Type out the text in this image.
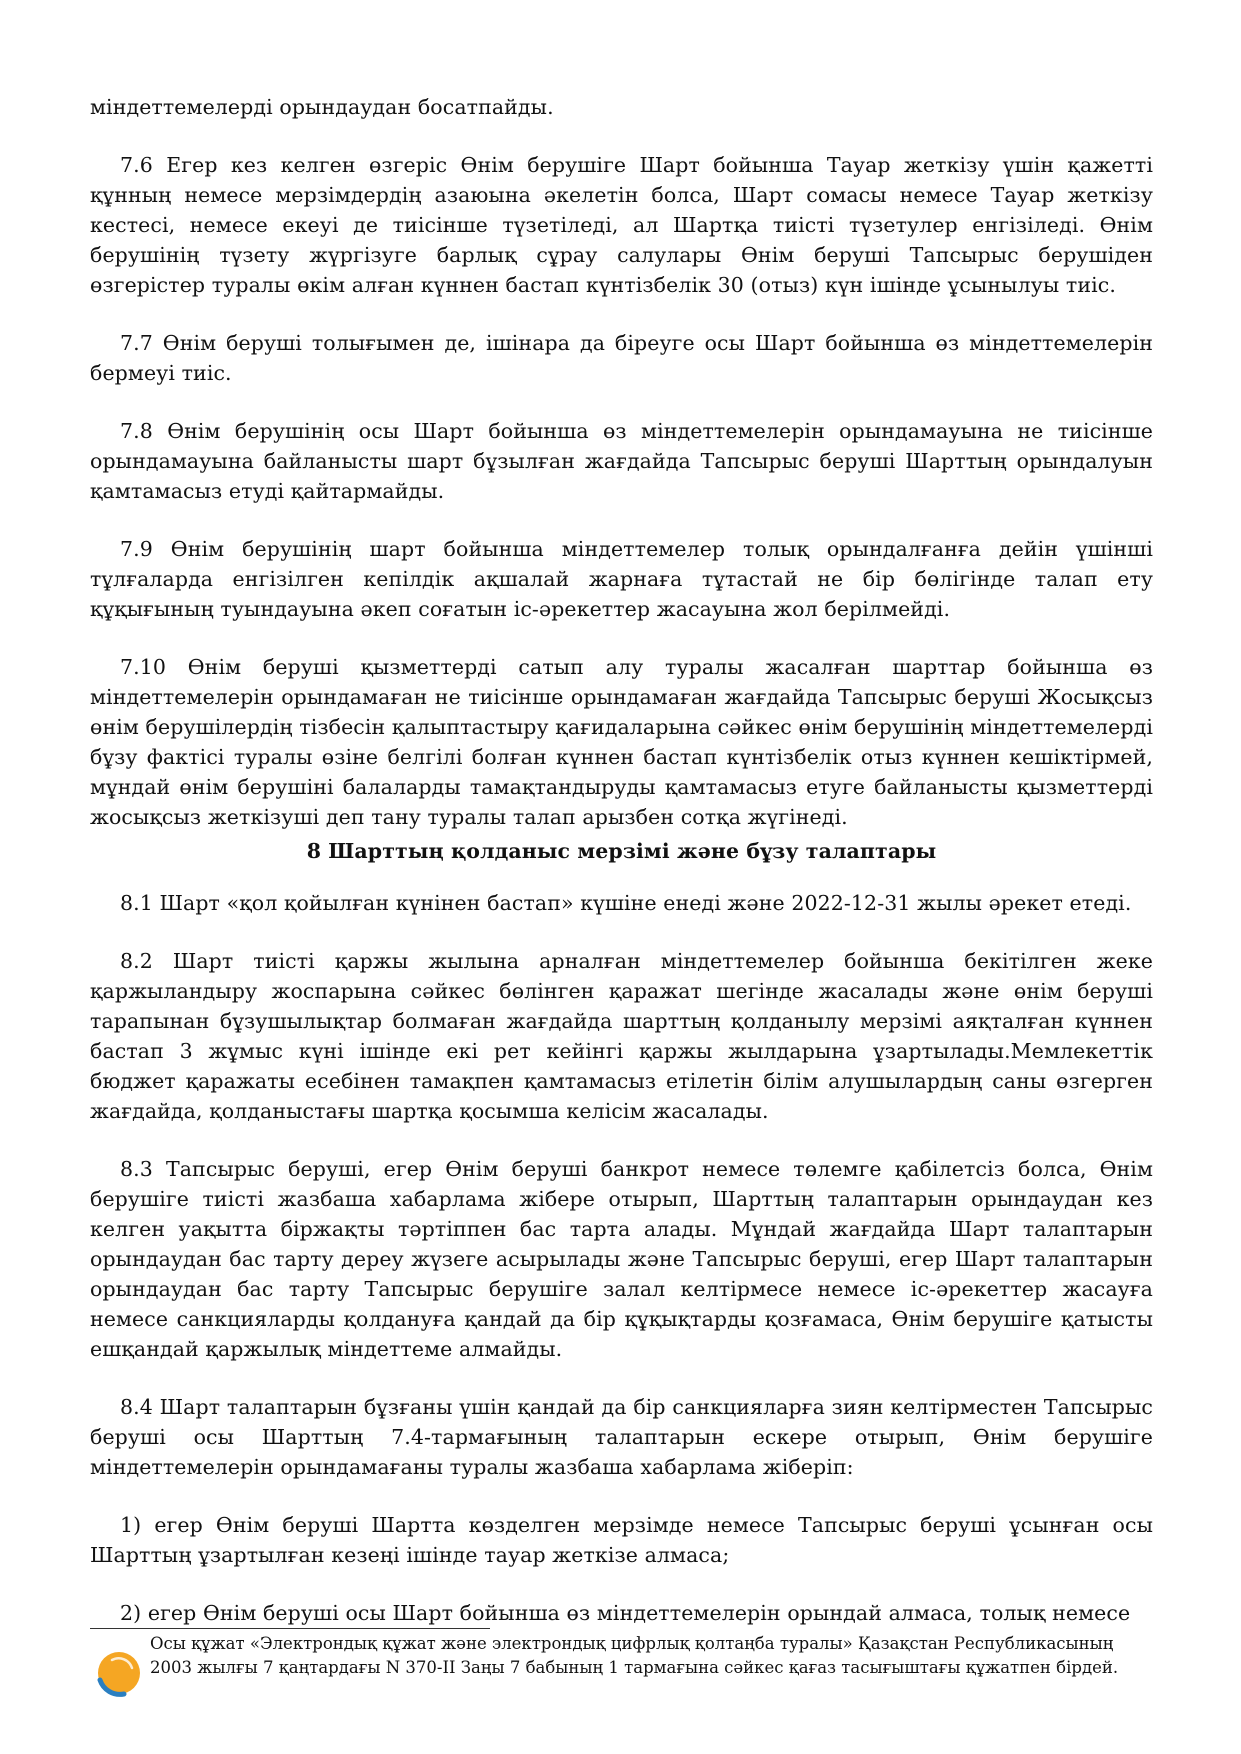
міндеттемелерді орындаудан босатпайды.

7.6 Егер кез келген өзгеріс Өнім берушіге Шарт бойынша Тауар жеткізу үшін қажетті құнның немесе мерзімдердің азаюына әкелетін болса, Шарт сомасы немесе Тауар жеткізу кестесі, немесе екеуі де тиісінше түзетіледі, ал Шартқа тиісті түзетулер енгізіледі. Өнім берушінің түзету жүргізуге барлық сұрау салулары Өнім беруші Тапсырыс берушіден өзгерістер туралы өкім алған күннен бастап күнтізбелік 30 (отыз) күн ішінде ұсынылуы тиіс.

7.7 Өнім беруші толығымен де, ішінара да біреуге осы Шарт бойынша өз міндеттемелерін бермеуі тиіс.

7.8 Өнім берушінің осы Шарт бойынша өз міндеттемелерін орындамауына не тиісінше орындамауына байланысты шарт бұзылған жағдайда Тапсырыс беруші Шарттың орындалуын қамтамасыз етуді қайтармайды.

7.9 Өнім берушінің шарт бойынша міндеттемелер толық орындалғанға дейін үшінші тұлғаларда енгізілген кепілдік ақшалай жарнаға тұтастай не бір бөлігінде талап ету құқығының туындауына әкеп соғатын іс-әрекеттер жасауына жол берілмейді.

7.10 Өнім беруші қызметтерді сатып алу туралы жасалған шарттар бойынша өз міндеттемелерін орындамаған не тиісінше орындамаған жағдайда Тапсырыс беруші Жосықсыз өнім берушілердің тізбесін қалыптастыру қағидаларына сәйкес өнім берушінің міндеттемелерді бұзу фактісі туралы өзіне белгілі болған күннен бастап күнтізбелік отыз күннен кешіктірмей, мұндай өнім берушіні балаларды тамақтандыруды қамтамасыз етуге байланысты қызметтерді жосықсыз жеткізуші деп тану туралы талап арызбен сотқа жүгінеді.

8 Шарттың қолданыс мерзімі және бұзу талаптары

8.1 Шарт «қол қойылған күнінен бастап» күшіне енеді және 2022-12-31 жылы әрекет етеді.

8.2 Шарт тиісті қаржы жылына арналған міндеттемелер бойынша бекітілген жеке қаржыландыру жоспарына сәйкес бөлінген қаражат шегінде жасалады және өнім беруші тарапынан бұзушылықтар болмаған жағдайда шарттың қолданылу мерзімі аяқталған күннен бастап 3 жұмыс күні ішінде екі рет кейінгі қаржы жылдарына ұзартылады.Мемлекеттік бюджет қаражаты есебінен тамақпен қамтамасыз етілетін білім алушылардың саны өзгерген жағдайда, қолданыстағы шартқа қосымша келісім жасалады.

8.3 Тапсырыс беруші, егер Өнім беруші банкрот немесе төлемге қабілетсіз болса, Өнім берушіге тиісті жазбаша хабарлама жібере отырып, Шарттың талаптарын орындаудан кез келген уақытта біржақты тәртіппен бас тарта алады. Мұндай жағдайда Шарт талаптарын орындаудан бас тарту дереу жүзеге асырылады және Тапсырыс беруші, егер Шарт талаптарын орындаудан бас тарту Тапсырыс берушіге залал келтірмесе немесе іс-әрекеттер жасауға немесе санкцияларды қолдануға қандай да бір құқықтарды қозғамаса, Өнім берушіге қатысты ешқандай қаржылық міндеттеме алмайды.

8.4 Шарт талаптарын бұзғаны үшін қандай да бір санкцияларға зиян келтірместен Тапсырыс беруші осы Шарттың 7.4-тармағының талаптарын ескере отырып, Өнім берушіге міндеттемелерін орындамағаны туралы жазбаша хабарлама жіберіп:

1) егер Өнім беруші Шартта көзделген мерзімде немесе Тапсырыс беруші ұсынған осы Шарттың ұзартылған кезеңі ішінде тауар жеткізе алмаса;

2) егер Өнім беруші осы Шарт бойынша өз міндеттемелерін орындай алмаса, толық немесе

Осы құжат «Электрондық құжат және электрондық цифрлық қолтаңба туралы» Қазақстан Республикасының 2003 жылғы 7 қаңтардағы N 370-II Заңы 7 бабының 1 тармағына сәйкес қағаз тасығыштағы құжатпен бірдей.
